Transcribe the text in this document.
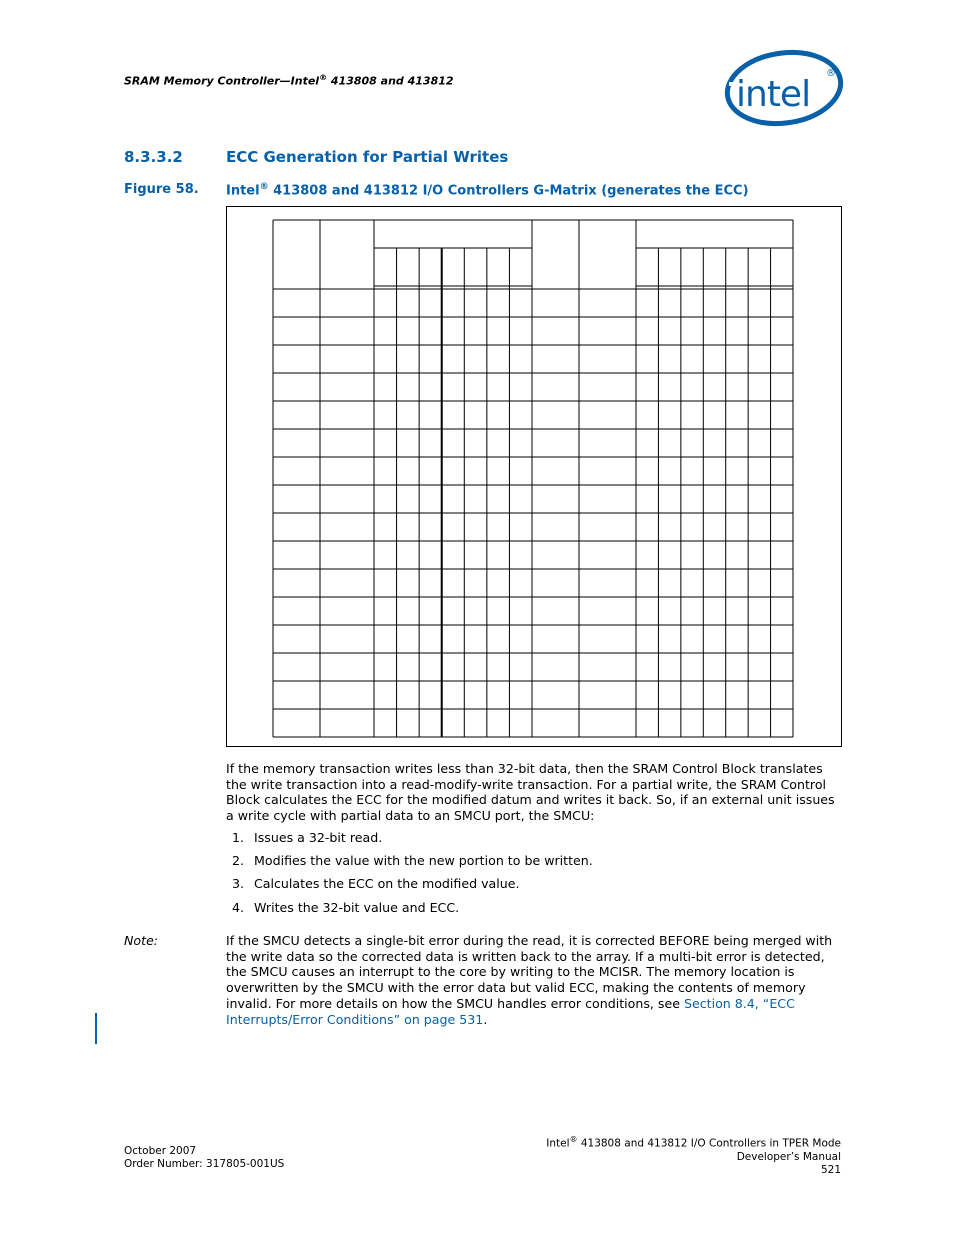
SRAM Memory Controller—Intel® 413808 and 413812	intel
®
8.3.3.2	ECC Generation for Partial Writes
Figure 58. Intel® 413808 and 413812 I/O Controllers G-Matrix (generates the ECC)

If the memory transaction writes less than 32-bit data, then the SRAM Control Block translates the write transaction into a read-modify-write transaction. For a partial write, the SRAM Control Block calculates the ECC for the modified datum and writes it back. So, if an external unit issues a write cycle with partial data to an SMCU port, the SMCU:

1. Issues a 32-bit read.
2. Modifies the value with the new portion to be written.
3. Calculates the ECC on the modified value.
4. Writes the 32-bit value and ECC.
Note:	If the SMCU detects a single-bit error during the read, it is corrected BEFORE being merged with the write data so the corrected data is written back to the array. If a multi-bit error is detected, the SMCU causes an interrupt to the core by writing to the MCISR. The memory location is overwritten by the SMCU with the error data but valid ECC, making the contents of memory invalid. For more details on how the SMCU handles error conditions, see Section 8.4, “ECC Interrupts/Error Conditions” on page 531.

October 2007
Order Number: 317805-001US
Intel® 413808 and 413812 I/O Controllers in TPER Mode
Developer’s Manual
521
